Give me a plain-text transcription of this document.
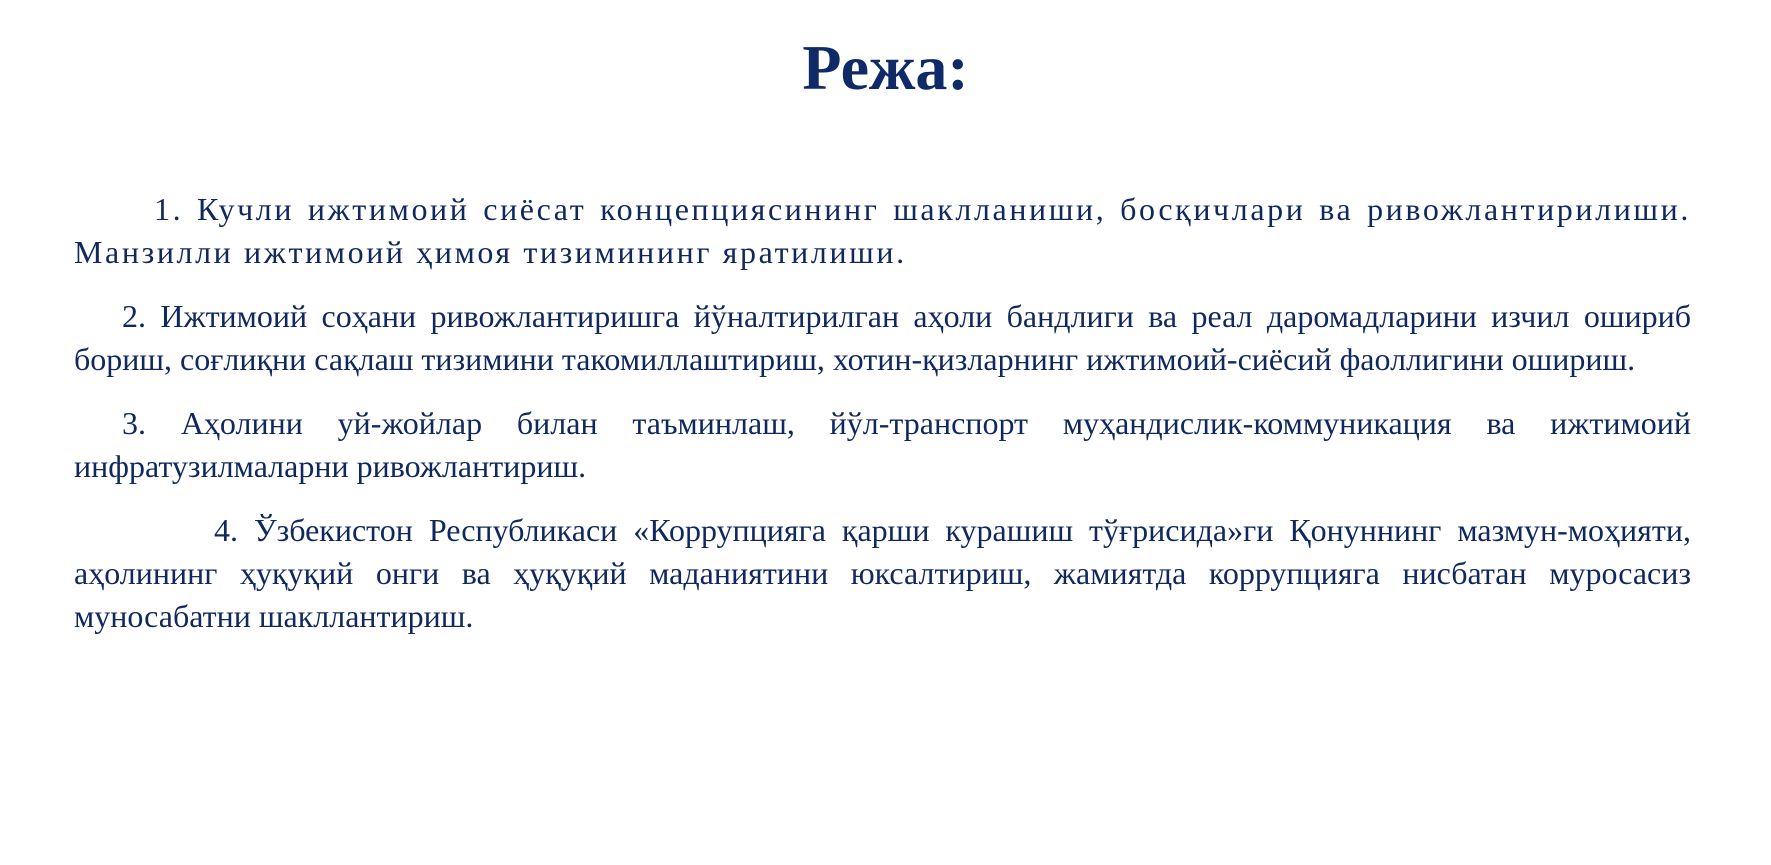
Режа:
1. Кучли ижтимоий сиёсат концепциясининг шаклланиши, босқичлари ва ривожлантирилиши. Манзилли ижтимоий ҳимоя тизимининг яратилиши.
2. Ижтимоий соҳани ривожлантиришга йўналтирилган аҳоли бандлиги ва реал даромадларини изчил ошириб бориш, соғлиқни сақлаш тизимини такомиллаштириш, хотин-қизларнинг ижтимоий-сиёсий фаоллигини ошириш.
3. Аҳолини уй-жойлар билан таъминлаш, йўл-транспорт муҳандислик-коммуникация ва ижтимоий инфратузилмаларни ривожлантириш.
4. Ўзбекистон Республикаси «Коррупцияга қарши курашиш тўғрисида»ги Қонуннинг мазмун-моҳияти, аҳолининг ҳуқуқий онги ва ҳуқуқий маданиятини юксалтириш, жамиятда коррупцияга нисбатан муросасиз муносабатни шакллантириш.
